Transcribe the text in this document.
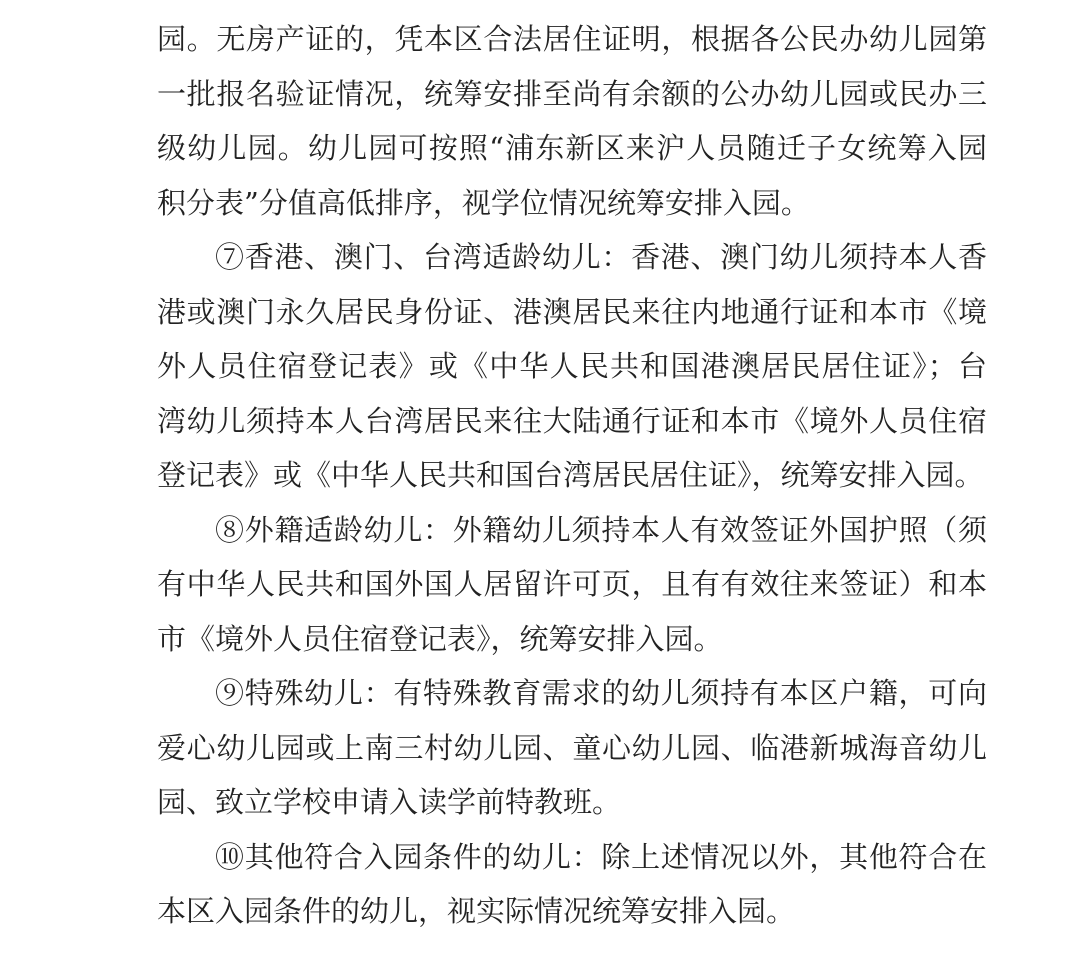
园。无房产证的，凭本区合法居住证明，根据各公民办幼儿园第
一批报名验证情况，统筹安排至尚有余额的公办幼儿园或民办三
级幼儿园。幼儿园可按照“浦东新区来沪人员随迁子女统筹入园
积分表”分值高低排序，视学位情况统筹安排入园。
⑦香港、澳门、台湾适龄幼儿：香港、澳门幼儿须持本人香
港或澳门永久居民身份证、港澳居民来往内地通行证和本市《境
外人员住宿登记表》或《中华人民共和国港澳居民居住证》；台
湾幼儿须持本人台湾居民来往大陆通行证和本市《境外人员住宿
登记表》或《中华人民共和国台湾居民居住证》，统筹安排入园。
⑧外籍适龄幼儿：外籍幼儿须持本人有效签证外国护照（须
有中华人民共和国外国人居留许可页，且有有效往来签证）和本
市《境外人员住宿登记表》，统筹安排入园。
⑨特殊幼儿：有特殊教育需求的幼儿须持有本区户籍，可向
爱心幼儿园或上南三村幼儿园、童心幼儿园、临港新城海音幼儿
园、致立学校申请入读学前特教班。
⑩其他符合入园条件的幼儿：除上述情况以外，其他符合在
本区入园条件的幼儿，视实际情况统筹安排入园。
